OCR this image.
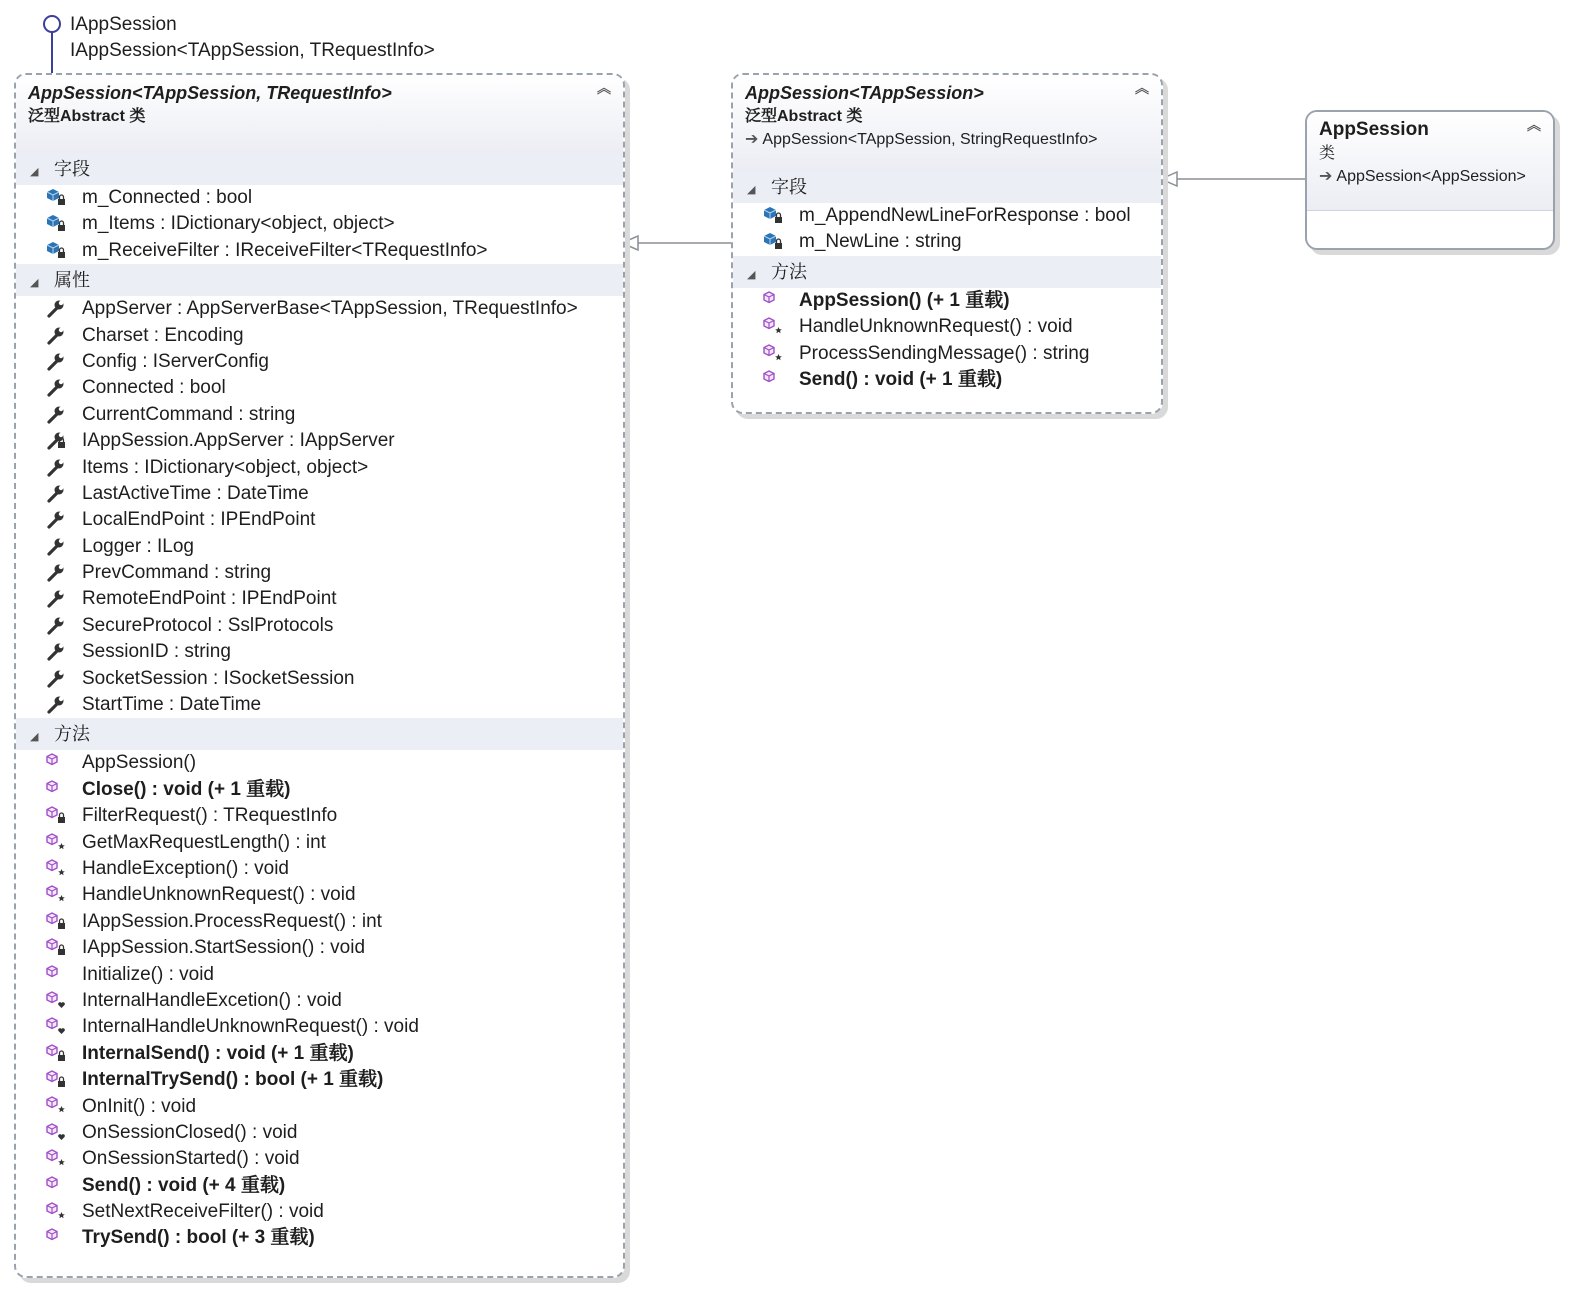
IAppSession
IAppSession<TAppSession, TRequestInfo>
AppSession<TAppSession, TRequestInfo>
泛型Abstract 类
︽
◢ 字段
m_Connected : bool
m_Items : IDictionary<object, object>
m_ReceiveFilter : IReceiveFilter<TRequestInfo>
◢ 属性
AppServer : AppServerBase<TAppSession, TRequestInfo>
Charset : Encoding
Config : IServerConfig
Connected : bool
CurrentCommand : string
IAppSession.AppServer : IAppServer
Items : IDictionary<object, object>
LastActiveTime : DateTime
LocalEndPoint : IPEndPoint
Logger : ILog
PrevCommand : string
RemoteEndPoint : IPEndPoint
SecureProtocol : SslProtocols
SessionID : string
SocketSession : ISocketSession
StartTime : DateTime
◢ 方法
AppSession()
Close() : void (+ 1 重载)
FilterRequest() : TRequestInfo
GetMaxRequestLength() : int
HandleException() : void
HandleUnknownRequest() : void
IAppSession.ProcessRequest() : int
IAppSession.StartSession() : void
Initialize() : void
InternalHandleExcetion() : void
InternalHandleUnknownRequest() : void
InternalSend() : void (+ 1 重载)
InternalTrySend() : bool (+ 1 重载)
OnInit() : void
OnSessionClosed() : void
OnSessionStarted() : void
Send() : void (+ 4 重载)
SetNextReceiveFilter() : void
TrySend() : bool (+ 3 重载)
AppSession<TAppSession>
泛型Abstract 类
➔ AppSession<TAppSession, StringRequestInfo>
︽
◢ 字段
m_AppendNewLineForResponse : bool
m_NewLine : string
◢ 方法
AppSession() (+ 1 重载)
HandleUnknownRequest() : void
ProcessSendingMessage() : string
Send() : void (+ 1 重载)
AppSession
类
➔ AppSession<AppSession>
︽
